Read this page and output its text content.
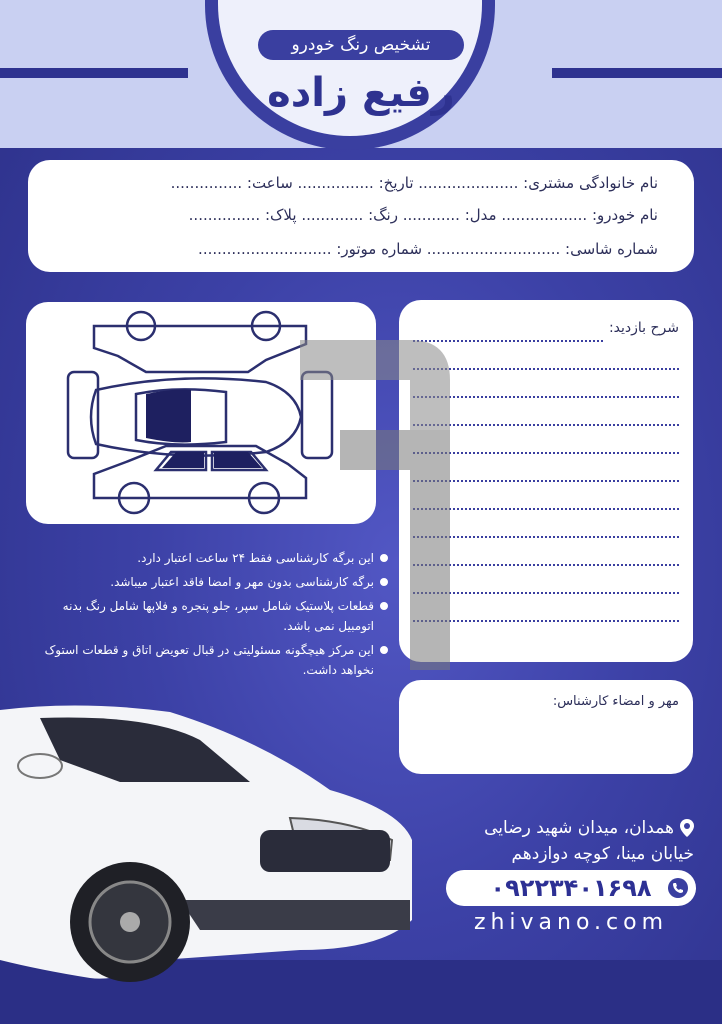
تشخیص رنگ خودرو
رفیع زاده
نام خانوادگی مشتری: ..................... تاریخ: ................ ساعت: ...............
نام خودرو: .................. مدل: ............ رنگ: ............. پلاک: ...............
شماره شاسی: ............................ شماره موتور: ............................
شرح بازدید:
مهر و امضاء کارشناس:
این برگه کارشناسی فقط ۲۴ ساعت اعتبار دارد.
برگه کارشناسی بدون مهر و امضا فاقد اعتبار میباشد.
قطعات پلاستیک شامل سپر، جلو پنجره و فلاپها شامل رنگ بدنه اتومبیل نمی باشد.
این مرکز هیچگونه مسئولیتی در قبال تعویض اتاق و قطعات استوک نخواهد داشت.
همدان، میدان شهید رضایی
خیابان مینا، کوچه دوازدهم
۰۹۲۲۳۴۰۱۶۹۸
zhivano.com
